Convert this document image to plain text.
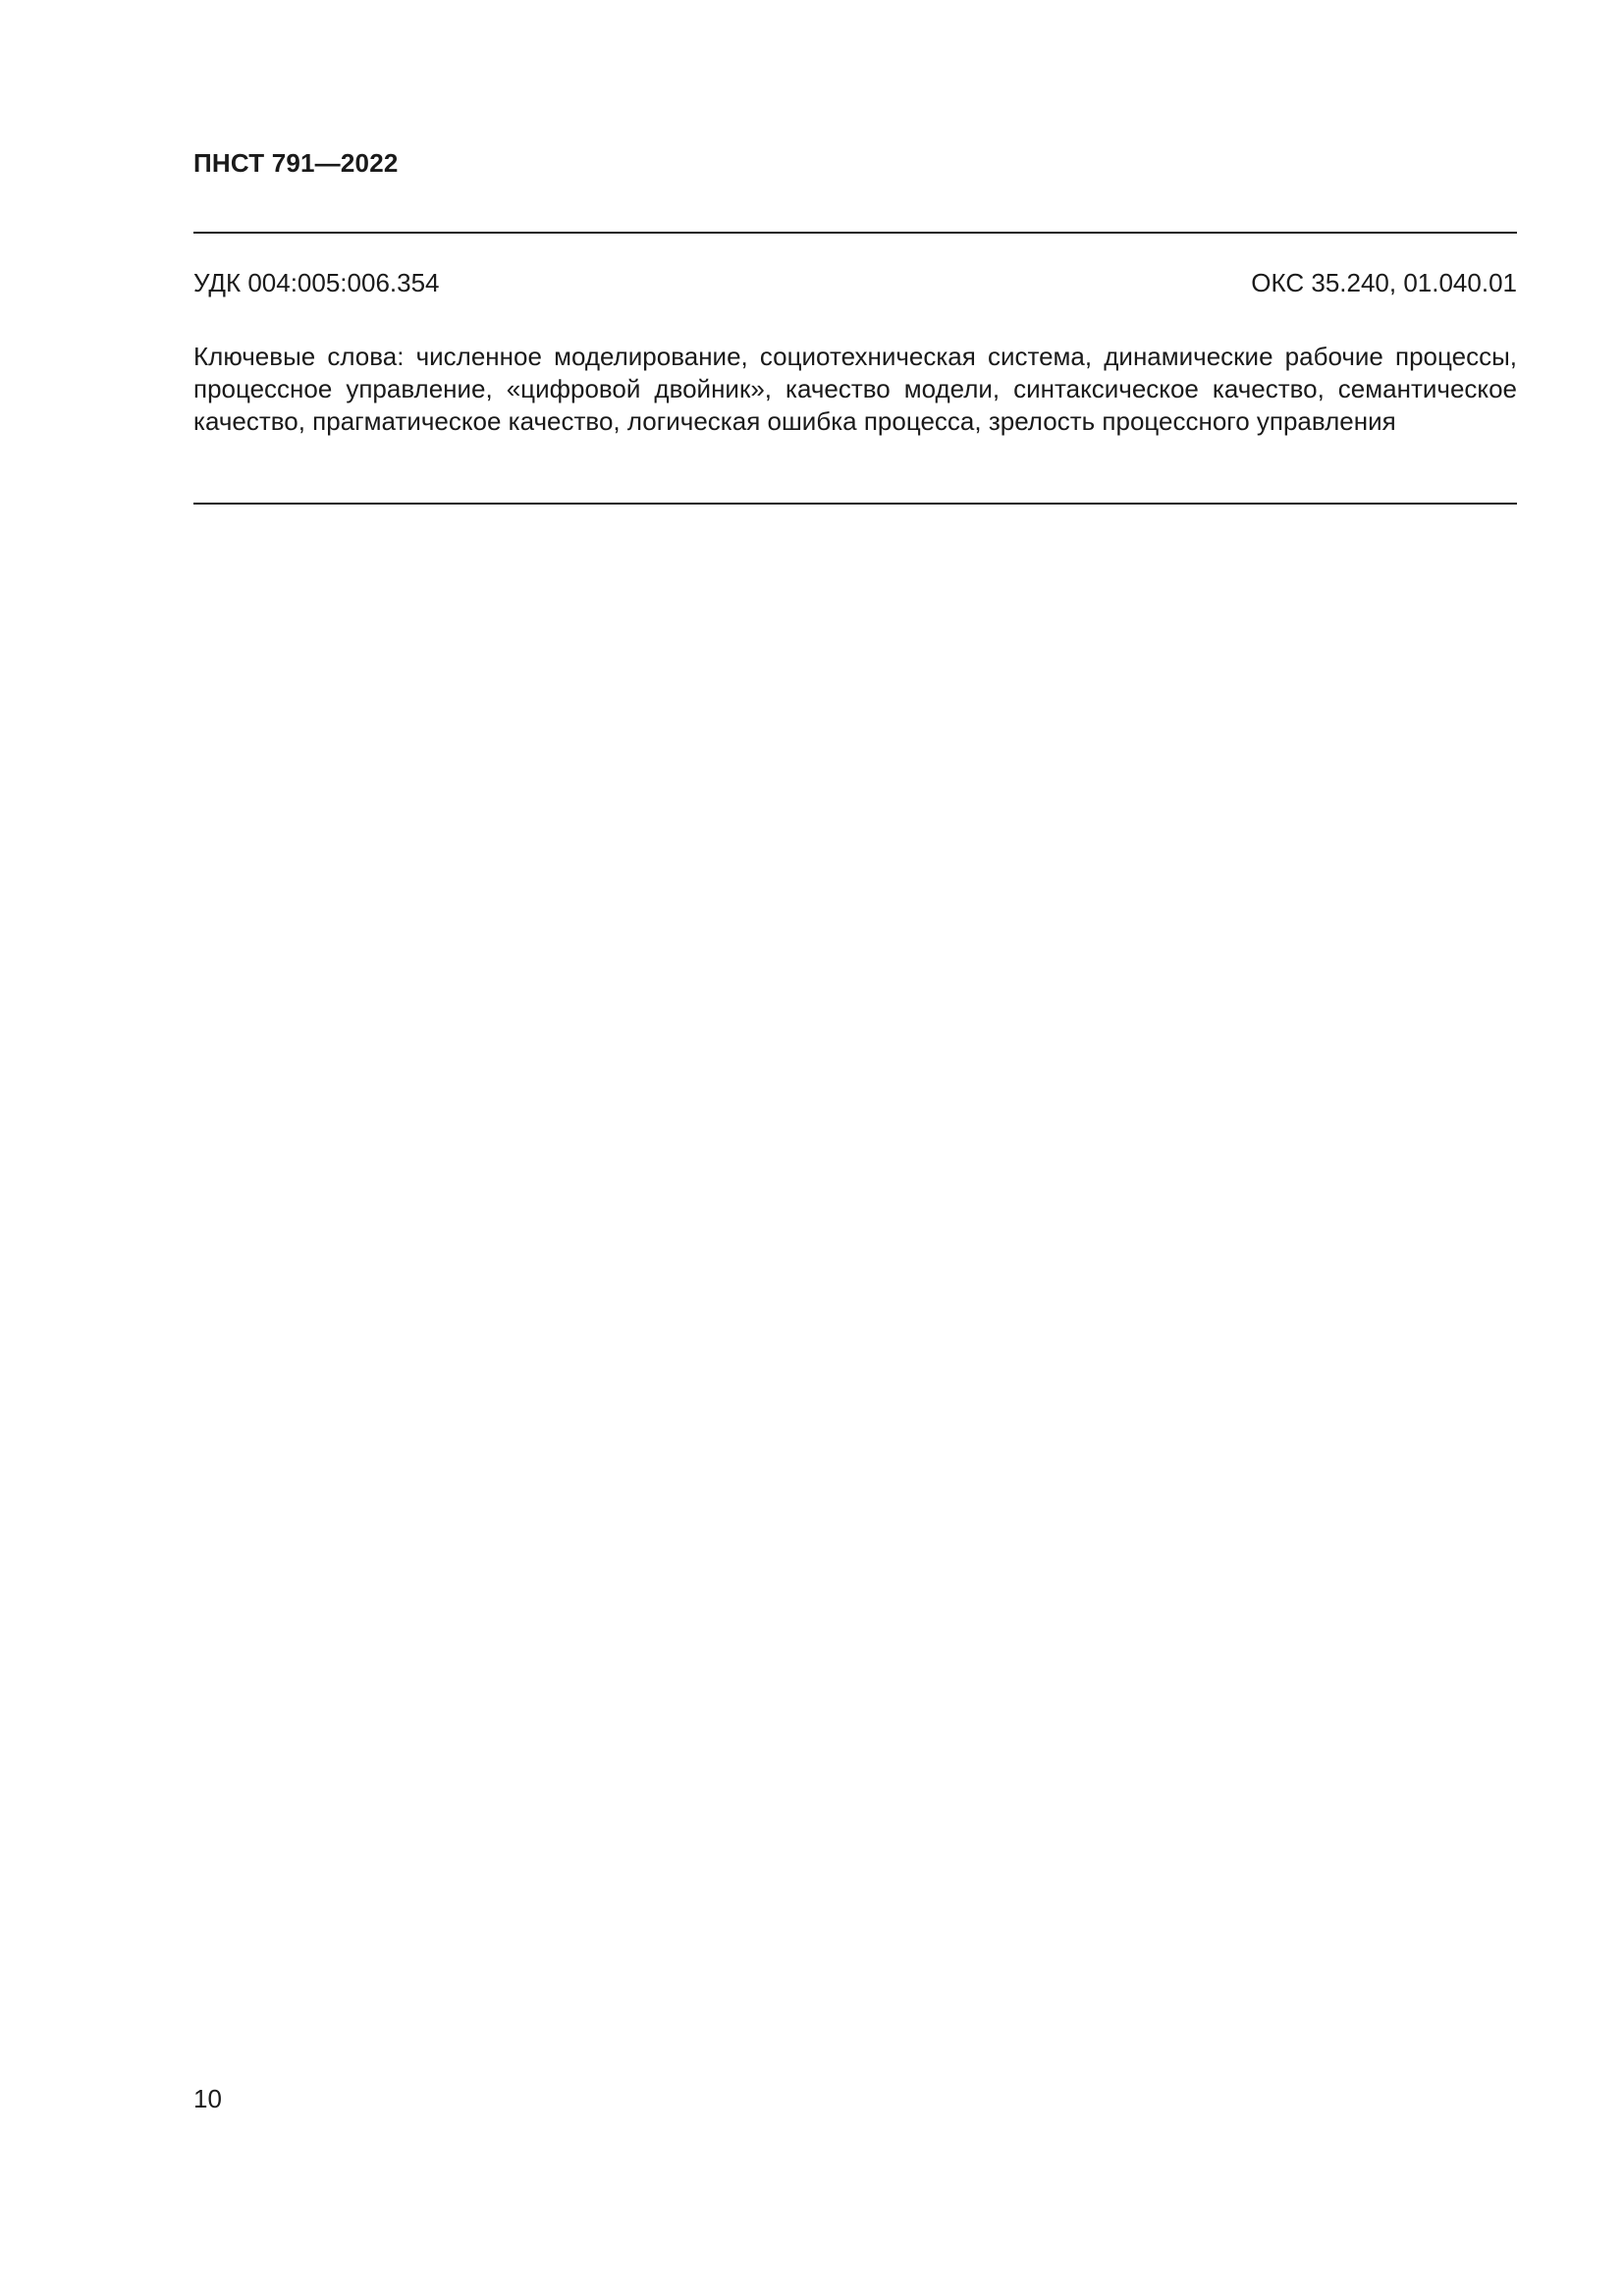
ПНСТ 791—2022
УДК 004:005:006.354	ОКС 35.240, 01.040.01

Ключевые слова: численное моделирование, социотехническая система, динамические рабочие процессы, процессное управление, «цифровой двойник», качество модели, синтаксическое качество, семантическое качество, прагматическое качество, логическая ошибка процесса, зрелость процессного управления

10
